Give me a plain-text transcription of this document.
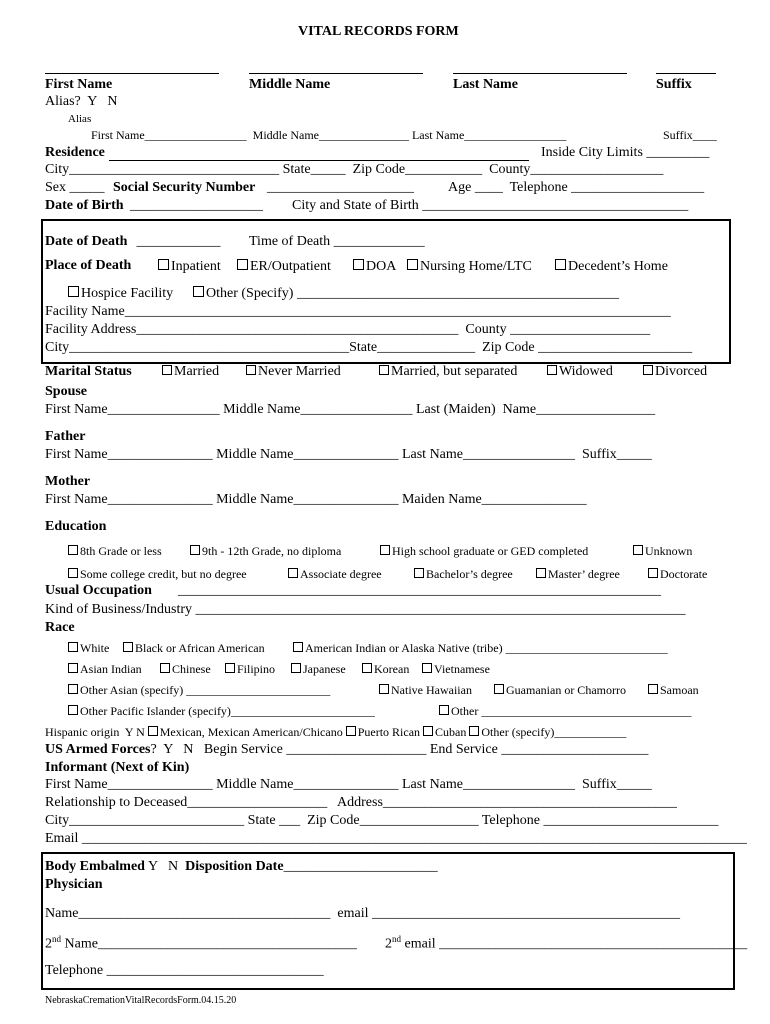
VITAL RECORDS FORM
First Name	Middle Name	Last Name	Suffix
Alias?  Y   N
Alias
First Name_________________  Middle Name_______________ Last Name_________________	Suffix____
Residence	Inside City Limits _________
City______________________________ State_____  Zip Code___________  County___________________
Sex _____ Social Security Number _____________________ Age ____  Telephone ___________________
Date of Birth ___________________ City and State of Birth ______________________________________
Date of Death ____________ Time of Death _____________
Place of Death	Inpatient	ER/Outpatient	DOA	Nursing Home/LTC	Decedent’s Home
Hospice Facility	Other (Specify) ______________________________________________
Facility Name______________________________________________________________________________
Facility Address______________________________________________  County ____________________
City________________________________________State______________  Zip Code ______________________
Marital Status	Married	Never Married	Married, but separated	Widowed	Divorced
Spouse
First Name________________ Middle Name________________ Last (Maiden)  Name_________________
Father
First Name_______________ Middle Name_______________ Last Name________________  Suffix_____
Mother
First Name_______________ Middle Name_______________ Maiden Name_______________
Education
8th Grade or less	9th - 12th Grade, no diploma	High school graduate or GED completed	Unknown
Some college credit, but no degree	Associate degree	Bachelor’s degree	Master’ degree	Doctorate
Usual Occupation _____________________________________________________________________
Kind of Business/Industry ______________________________________________________________________
Race
White	Black or African American	American Indian or Alaska Native (tribe) ___________________________
Asian Indian	Chinese	Filipino	Japanese	Korean	Vietnamese
Other Asian (specify) ________________________	Native Hawaiian	Guamanian or Chamorro	Samoan
Other Pacific Islander (specify)________________________	Other ___________________________________
Hispanic origin  Y N Mexican, Mexican American/Chicano Puerto Rican Cuban Other (specify)____________
US Armed Forces?  Y   N   Begin Service ____________________ End Service _____________________
Informant (Next of Kin)
First Name_______________ Middle Name_______________ Last Name________________  Suffix_____
Relationship to Deceased____________________   Address__________________________________________
City_________________________ State ___  Zip Code_________________ Telephone _________________________
Email _______________________________________________________________________________________________
Body Embalmed Y   N  Disposition Date______________________
Physician
Name____________________________________  email ____________________________________________
2nd Name_____________________________________ 2nd email ____________________________________________
Telephone _______________________________
NebraskaCremationVitalRecordsForm.04.15.20
